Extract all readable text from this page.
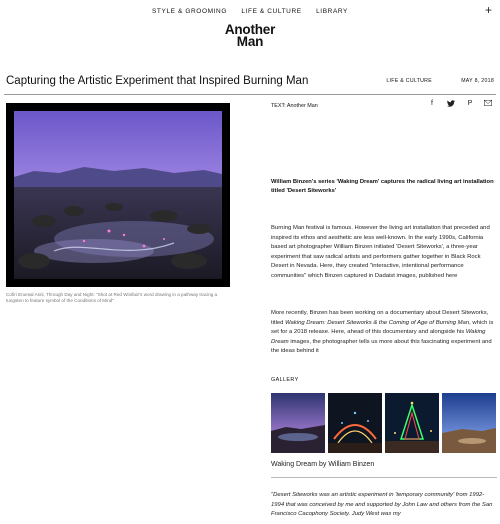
STYLE & GROOMING LIFE & CULTURE LIBRARY	+
Another
Man
Capturing the Artistic Experiment that Inspired Burning Man	LIFE & CULTURE	MAY 8, 2018
Cofiri Eruesal Asrii, Through Day and Night: "Shot at Red Winifaiz's word drawing in a pathway tracing a tungsten to feature symbol of the Conditions of Mind"
TEXT: Another Man	f	P
William Binzen's series 'Waking Dream' captures the radical living art installation titled 'Desert Siteworks'
Burning Man festival is famous. However the living art installation that preceded and inspired its ethos and aesthetic are less well-known. In the early 1990s, California based art photographer William Binzen initiated 'Desert Siteworks', a three-year experiment that saw radical artists and performers gather together in Black Rock Desert in Nevada. Here, they created "interactive, intentional performance communities" which Binzen captured in Dadaist images, published here
More recently, Binzen has been working on a documentary about Desert Siteworks, titled Waking Dream: Desert Siteworks & the Coming of Age of Burning Man, which is set for a 2018 release. Here, ahead of this documentary and alongside his Waking Dream images, the photographer tells us more about this fascinating experiment and the ideas behind it
GALLERY
Waking Dream by William Binzen
"Desert Siteworks was an artistic experiment in 'temporary community' from 1992-1994 that was conceived by me and supported by John Law and others from the San Francisco Cacophony Society. Judy West was my
